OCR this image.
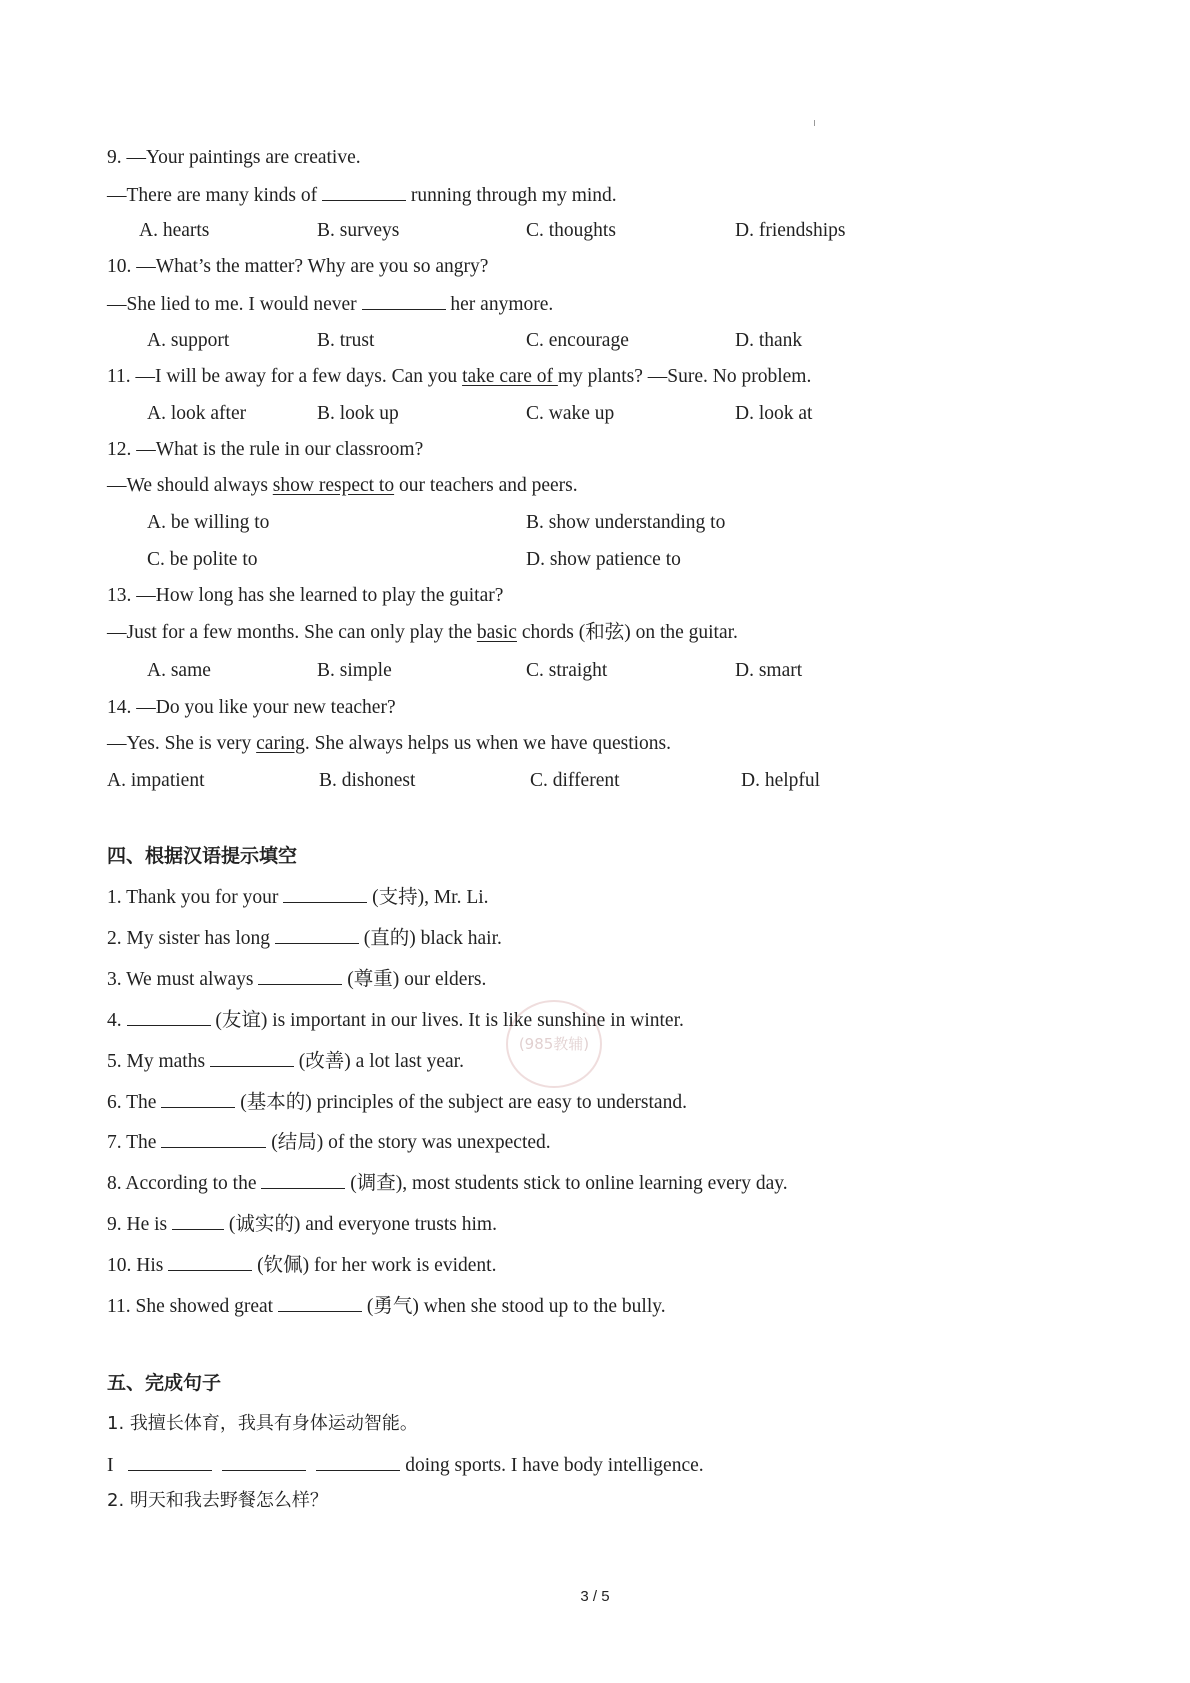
9. —Your paintings are creative.
—There are many kinds of	running through my mind.
A. hearts	B. surveys	C. thoughts	D. friendships
10. —What’s the matter? Why are you so angry?
—She lied to me. I would never	her anymore.
A. support	B. trust	C. encourage	D. thank
11. —I will be away for a few days. Can you take care of my plants? —Sure. No problem.
A. look after	B. look up	C. wake up	D. look at
12. —What is the rule in our classroom?
—We should always show respect to our teachers and peers.
A. be willing to	B. show understanding to
C. be polite to	D. show patience to
13. —How long has she learned to play the guitar?
—Just for a few months. She can only play the basic chords (和弦) on the guitar.
A. same	B. simple	C. straight	D. smart
14. —Do you like your new teacher?
—Yes. She is very caring. She always helps us when we have questions.
A. impatient	B. dishonest	C. different	D. helpful
四、根据汉语提示填空
1. Thank you for your	(支持), Mr. Li.
2. My sister has long	(直的) black hair.
3. We must always	(尊重) our elders.
4.	(友谊) is important in our lives. It is like sunshine in winter.
5. My maths	(改善) a lot last year.
6. The	(基本的) principles of the subject are easy to understand.
7. The	(结局) of the story was unexpected.
8. According to the	(调查), most students stick to online learning every day.
9. He is	(诚实的) and everyone trusts him.
10. His	(钦佩) for her work is evident.
11. She showed great	(勇气) when she stood up to the bully.
五、完成句子
1. 我擅长体育，我具有身体运动智能。
I	doing sports. I have body intelligence.
2. 明天和我去野餐怎么样？
(985教辅)
3 / 5
